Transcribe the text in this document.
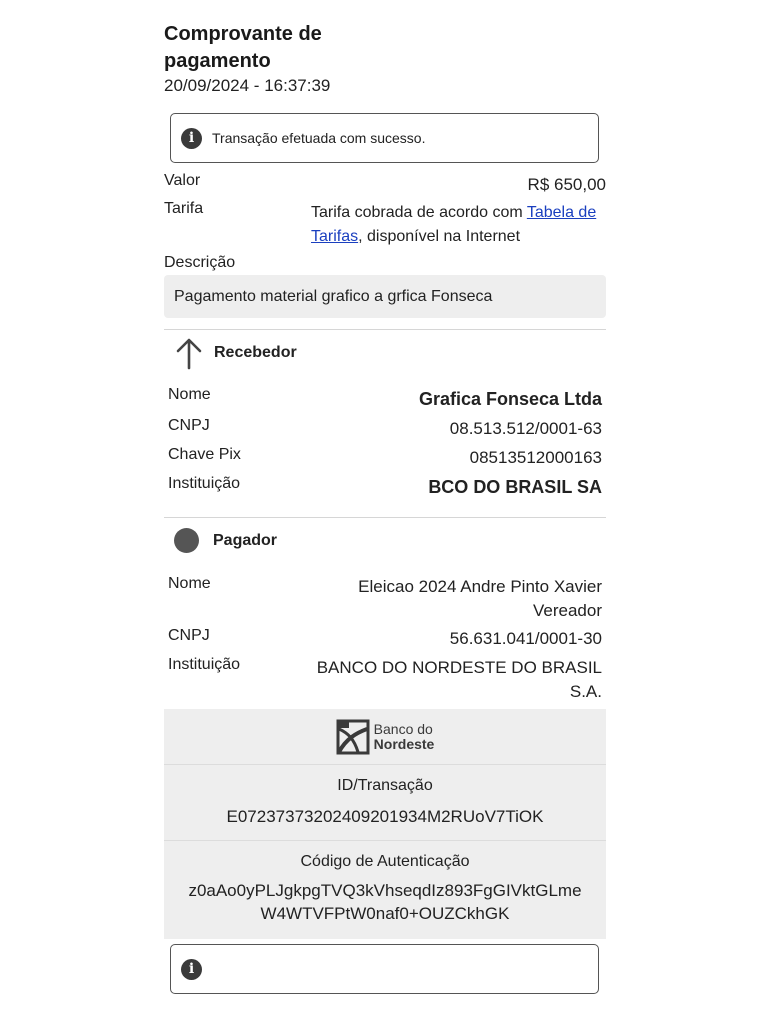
Comprovante de pagamento
20/09/2024 - 16:37:39
i	Transação efetuada com sucesso.
Valor	R$ 650,00
Tarifa	Tarifa cobrada de acordo com Tabela de Tarifas, disponível na Internet
Descrição
Pagamento material grafico a grfica Fonseca
Recebedor
Nome	Grafica Fonseca Ltda
CNPJ	08.513.512/0001-63
Chave Pix	08513512000163
Instituição	BCO DO BRASIL SA
Pagador
Nome	Eleicao 2024 Andre Pinto Xavier
Vereador
CNPJ	56.631.041/0001-30
Instituição	BANCO DO NORDESTE DO BRASIL
S.A.
Banco do
Nordeste
ID/Transação
E07237373202409201934M2RUoV7TiOK
Código de Autenticação
z0aAo0yPLJgkpgTVQ3kVhseqdIz893FgGIVktGLme
W4WTVFPtW0naf0+OUZCkhGK
i
